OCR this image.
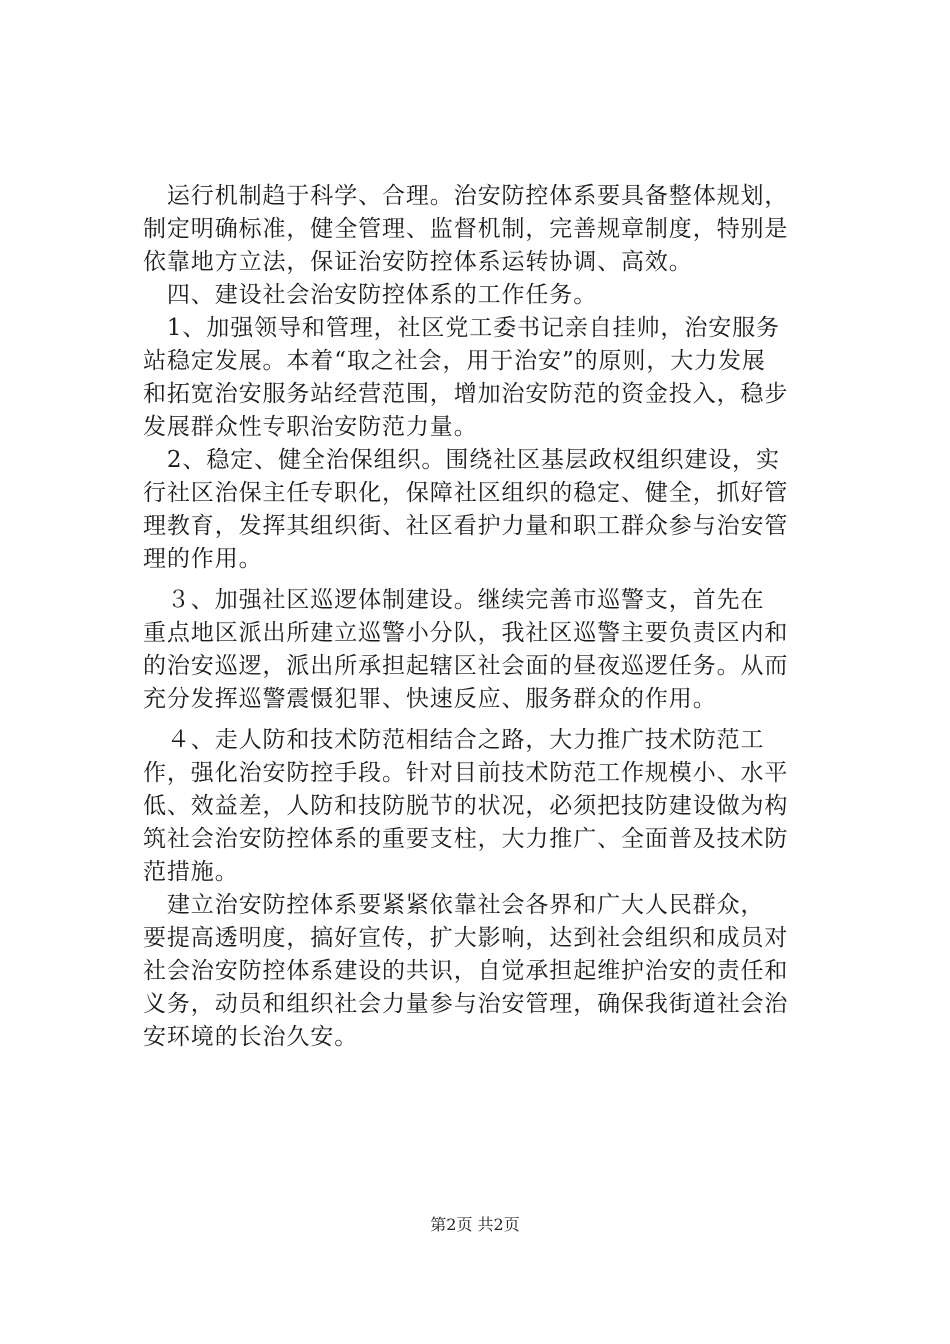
　运行机制趋于科学、合理。治安防控体系要具备整体规划，

制定明确标准，健全管理、监督机制，完善规章制度，特别是

依靠地方立法，保证治安防控体系运转协调、高效。

　四、建设社会治安防控体系的工作任务。

　1、加强领导和管理，社区党工委书记亲自挂帅，治安服务

站稳定发展。本着“取之社会，用于治安”的原则，大力发展

和拓宽治安服务站经营范围，增加治安防范的资金投入，稳步

发展群众性专职治安防范力量。

　2、稳定、健全治保组织。围绕社区基层政权组织建设，实

行社区治保主任专职化，保障社区组织的稳定、健全，抓好管

理教育，发挥其组织街、社区看护力量和职工群众参与治安管

理的作用。

　３、加强社区巡逻体制建设。继续完善市巡警支，首先在

重点地区派出所建立巡警小分队，我社区巡警主要负责区内和

的治安巡逻，派出所承担起辖区社会面的昼夜巡逻任务。从而

充分发挥巡警震慑犯罪、快速反应、服务群众的作用。

　４、走人防和技术防范相结合之路，大力推广技术防范工

作，强化治安防控手段。针对目前技术防范工作规模小、水平

低、效益差，人防和技防脱节的状况，必须把技防建设做为构

筑社会治安防控体系的重要支柱，大力推广、全面普及技术防

范措施。

　建立治安防控体系要紧紧依靠社会各界和广大人民群众，

要提高透明度，搞好宣传，扩大影响，达到社会组织和成员对

社会治安防控体系建设的共识，自觉承担起维护治安的责任和

义务，动员和组织社会力量参与治安管理，确保我街道社会治

安环境的长治久安。

第2页 共2页
